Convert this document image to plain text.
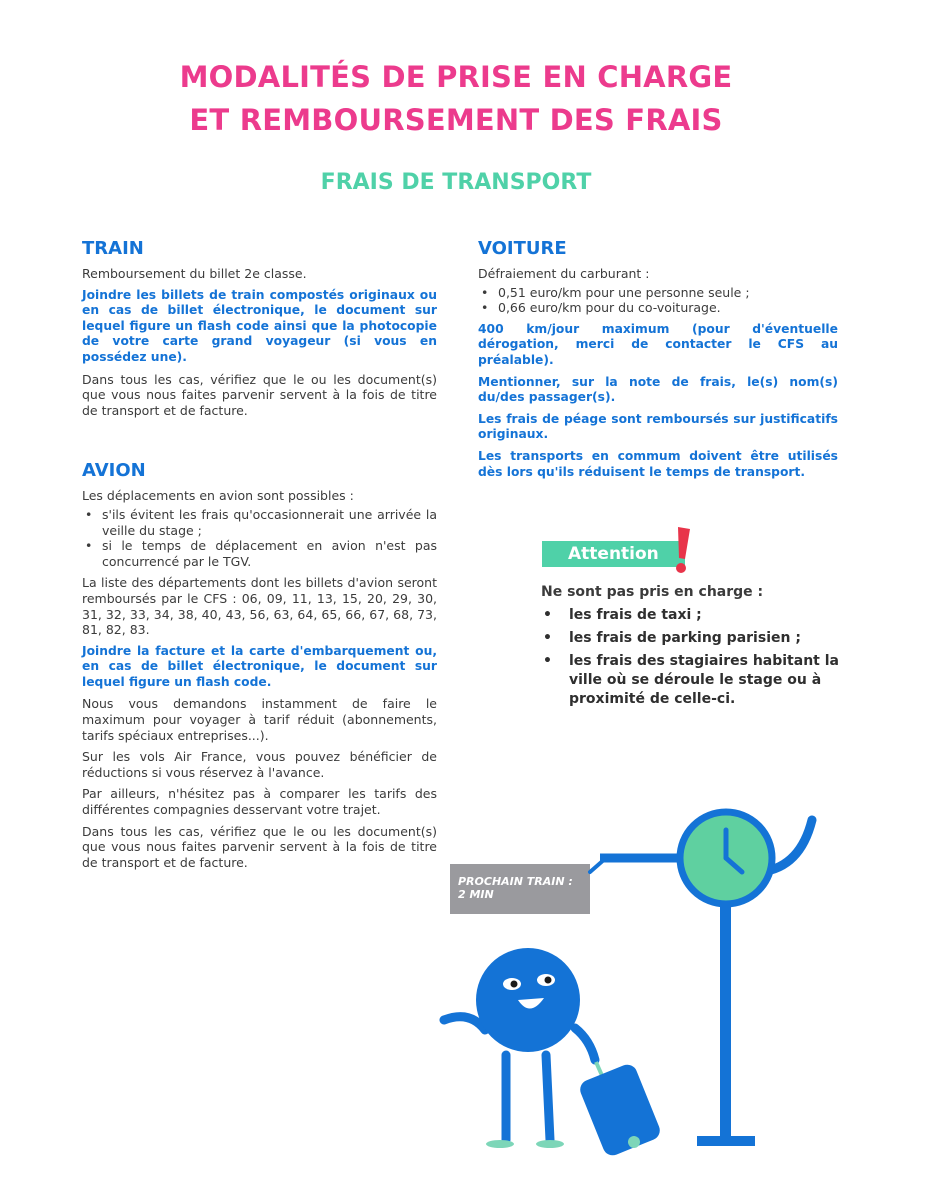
MODALITÉS DE PRISE EN CHARGE
ET REMBOURSEMENT DES FRAIS
FRAIS DE TRANSPORT
TRAIN

Remboursement du billet 2e classe.

Joindre les billets de train compostés originaux ou en cas de billet électronique, le document sur lequel figure un flash code ainsi que la photocopie de votre carte grand voyageur (si vous en possédez une).

Dans tous les cas, vérifiez que le ou les document(s) que vous nous faites parvenir servent à la fois de titre de transport et de facture.

AVION

Les déplacements en avion sont possibles :

• s'ils évitent les frais qu'occasionnerait une arrivée la veille du stage ;
• si le temps de déplacement en avion n'est pas concurrencé par le TGV.

La liste des départements dont les billets d'avion seront remboursés par le CFS : 06, 09, 11, 13, 15, 20, 29, 30, 31, 32, 33, 34, 38, 40, 43, 56, 63, 64, 65, 66, 67, 68, 73, 81, 82, 83.

Joindre la facture et la carte d'embarquement ou, en cas de billet électronique, le document sur lequel figure un flash code.

Nous vous demandons instamment de faire le maximum pour voyager à tarif réduit (abonnements, tarifs spéciaux entreprises...).

Sur les vols Air France, vous pouvez bénéficier de réductions si vous réservez à l'avance.

Par ailleurs, n'hésitez pas à comparer les tarifs des différentes compagnies desservant votre trajet.

Dans tous les cas, vérifiez que le ou les document(s) que vous nous faites parvenir servent à la fois de titre de transport et de facture.

VOITURE

Défraiement du carburant :

• 0,51 euro/km pour une personne seule ;
• 0,66 euro/km pour du co-voiturage.

400 km/jour maximum (pour d'éventuelle dérogation, merci de contacter le CFS au préalable).

Mentionner, sur la note de frais, le(s) nom(s) du/des passager(s).

Les frais de péage sont remboursés sur justificatifs originaux.

Les transports en commum doivent être utilisés dès lors qu'ils réduisent le temps de transport.

Attention

Ne sont pas pris en charge :

• les frais de taxi ;
• les frais de parking parisien ;
• les frais des stagiaires habitant la ville où se déroule le stage ou à proximité de celle-ci.
PROCHAIN TRAIN :
2 MIN
